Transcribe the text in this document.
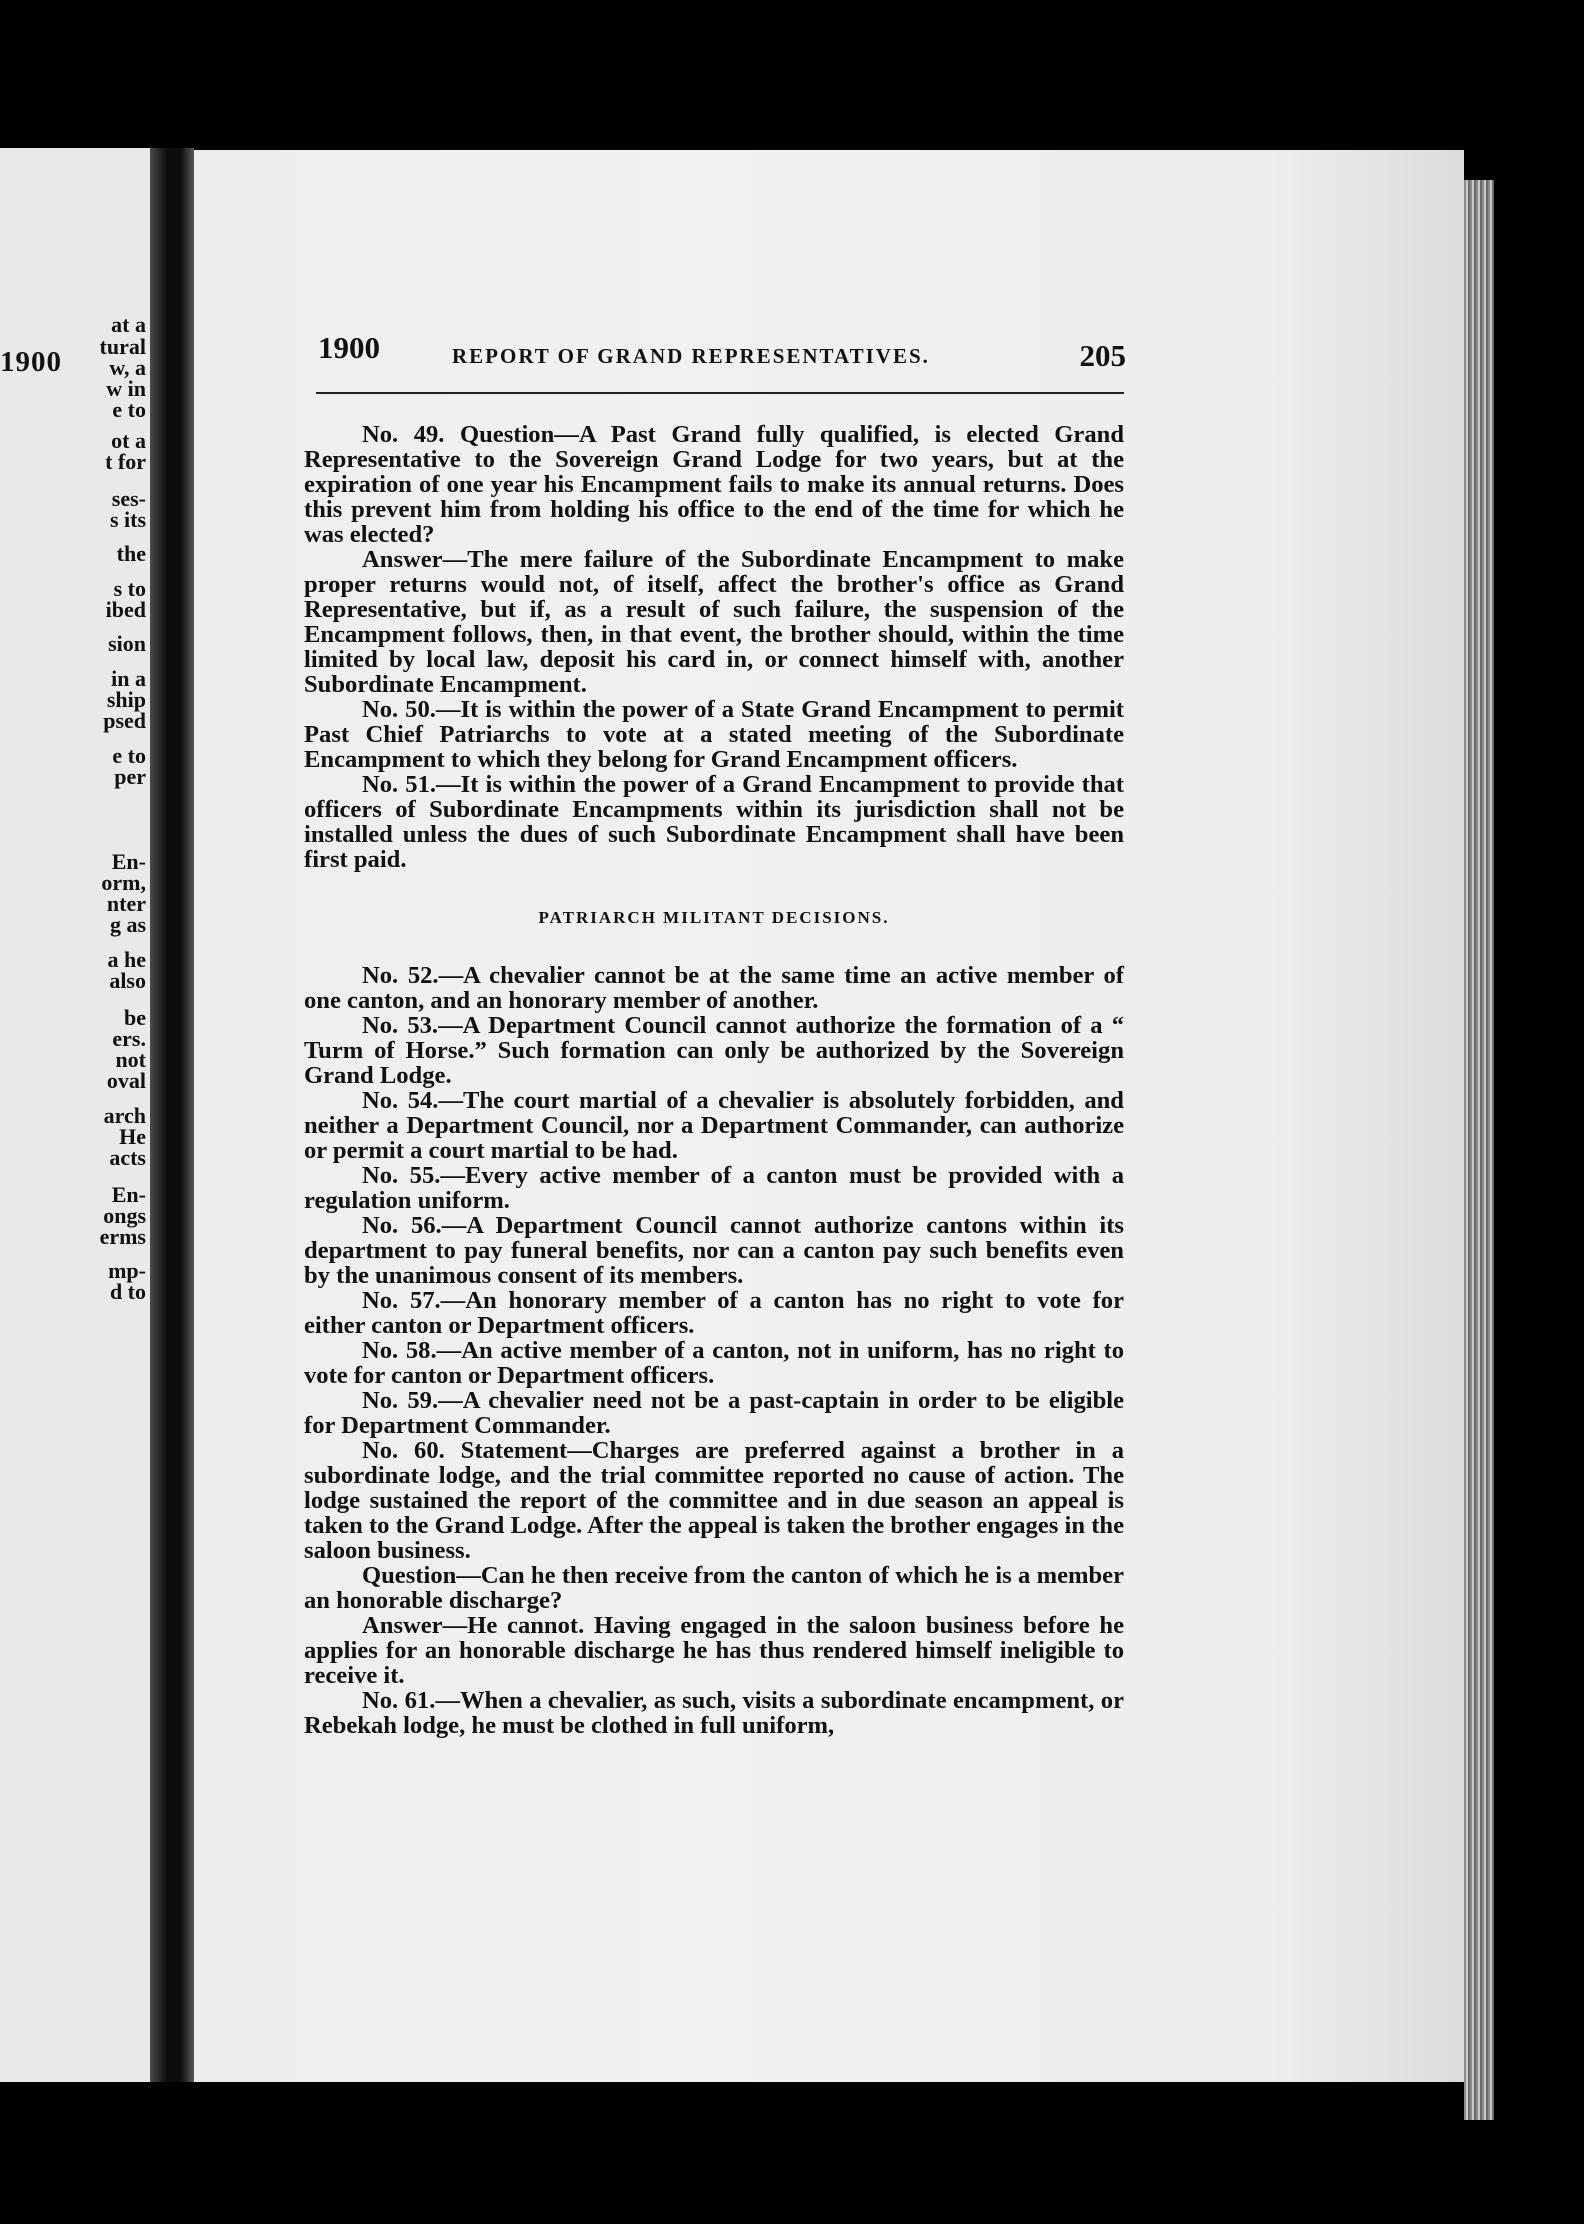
1900
at a
tural
w, a
w in
e to
ot a
t for
ses-
s its
the
s to
ibed
sion
in a
ship
psed
e to
per
En-
orm,
nter
g as
a he
also
be
ers.
not
oval
arch
He
acts
En-
ongs
erms
mp-
d to
1900	REPORT OF GRAND REPRESENTATIVES.	205

No. 49. Question—A Past Grand fully qualified, is elected Grand Representative to the Sovereign Grand Lodge for two years, but at the expiration of one year his Encampment fails to make its annual returns. Does this prevent him from holding his office to the end of the time for which he was elected?

Answer—The mere failure of the Subordinate Encampment to make proper returns would not, of itself, affect the brother's office as Grand Representative, but if, as a result of such failure, the suspension of the Encampment follows, then, in that event, the brother should, within the time limited by local law, deposit his card in, or connect himself with, another Subordinate Encampment.

No. 50.—It is within the power of a State Grand Encampment to permit Past Chief Patriarchs to vote at a stated meeting of the Subordinate Encampment to which they belong for Grand Encampment officers.

No. 51.—It is within the power of a Grand Encampment to provide that officers of Subordinate Encampments within its jurisdiction shall not be installed unless the dues of such Subordinate Encampment shall have been first paid.

PATRIARCH MILITANT DECISIONS.

No. 52.—A chevalier cannot be at the same time an active member of one canton, and an honorary member of another.

No. 53.—A Department Council cannot authorize the formation of a “ Turm of Horse.” Such formation can only be authorized by the Sovereign Grand Lodge.

No. 54.—The court martial of a chevalier is absolutely forbidden, and neither a Department Council, nor a Department Commander, can authorize or permit a court martial to be had.

No. 55.—Every active member of a canton must be provided with a regulation uniform.

No. 56.—A Department Council cannot authorize cantons within its department to pay funeral benefits, nor can a canton pay such benefits even by the unanimous consent of its members.

No. 57.—An honorary member of a canton has no right to vote for either canton or Department officers.

No. 58.—An active member of a canton, not in uniform, has no right to vote for canton or Department officers.

No. 59.—A chevalier need not be a past-captain in order to be eligible for Department Commander.

No. 60. Statement—Charges are preferred against a brother in a subordinate lodge, and the trial committee reported no cause of action. The lodge sustained the report of the committee and in due season an appeal is taken to the Grand Lodge. After the appeal is taken the brother engages in the saloon business.

Question—Can he then receive from the canton of which he is a member an honorable discharge?

Answer—He cannot. Having engaged in the saloon business before he applies for an honorable discharge he has thus rendered himself ineligible to receive it.

No. 61.—When a chevalier, as such, visits a subordinate encampment, or Rebekah lodge, he must be clothed in full uniform,
